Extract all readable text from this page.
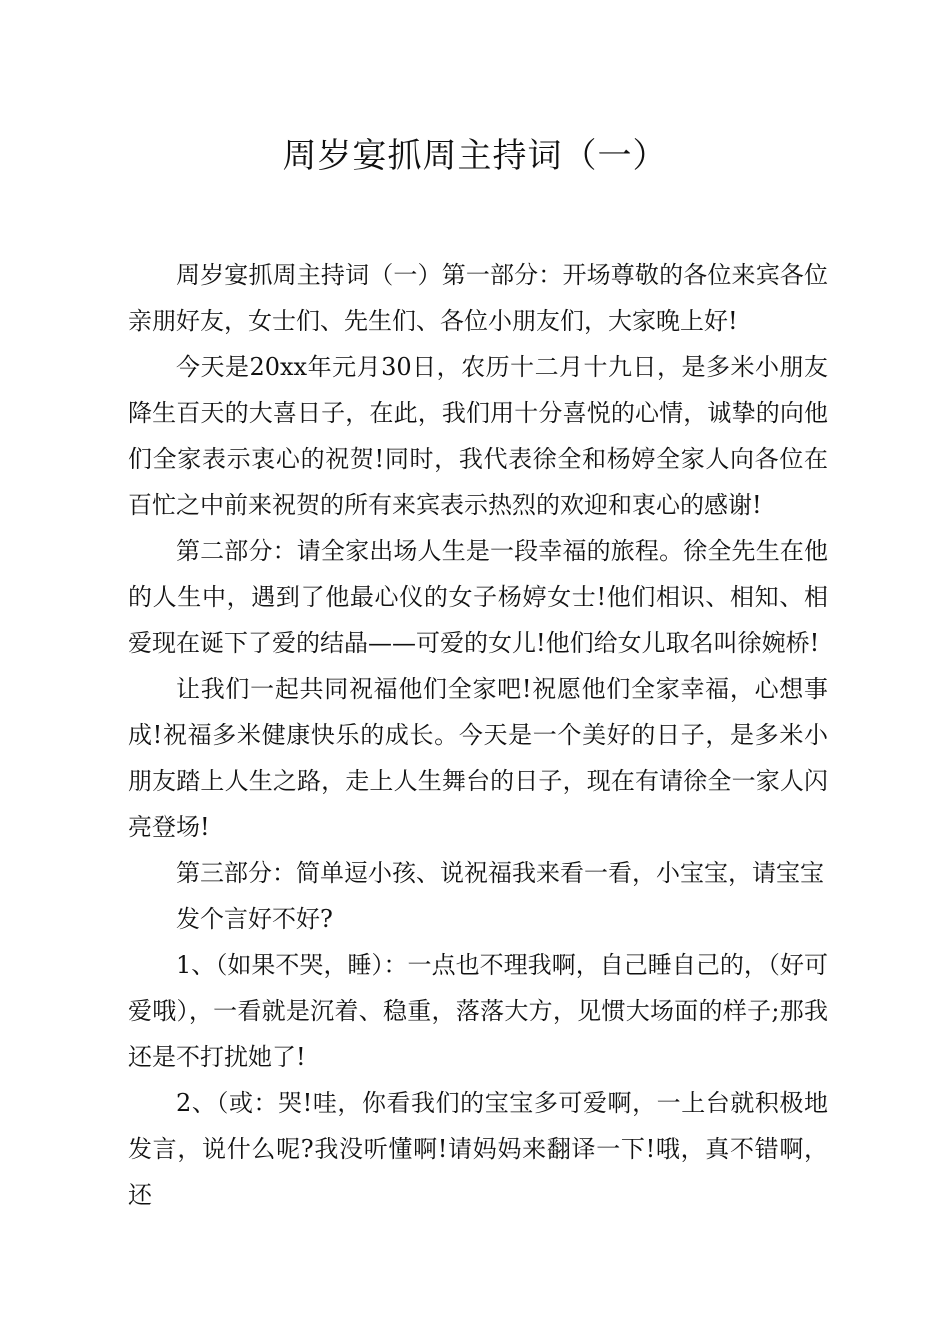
周岁宴抓周主持词（一）

周岁宴抓周主持词（一）第一部分：开场尊敬的各位来宾各位亲朋好友，女士们、先生们、各位小朋友们，大家晚上好!

今天是20xx年元月30日，农历十二月十九日，是多米小朋友降生百天的大喜日子，在此，我们用十分喜悦的心情，诚挚的向他们全家表示衷心的祝贺!同时，我代表徐全和杨婷全家人向各位在百忙之中前来祝贺的所有来宾表示热烈的欢迎和衷心的感谢!

第二部分：请全家出场人生是一段幸福的旅程。徐全先生在他的人生中，遇到了他最心仪的女子杨婷女士!他们相识、相知、相爱现在诞下了爱的结晶——可爱的女儿!他们给女儿取名叫徐婉桥!

让我们一起共同祝福他们全家吧!祝愿他们全家幸福，心想事成!祝福多米健康快乐的成长。今天是一个美好的日子，是多米小朋友踏上人生之路，走上人生舞台的日子，现在有请徐全一家人闪亮登场!

第三部分：简单逗小孩、说祝福我来看一看，小宝宝，请宝宝

发个言好不好?

1、（如果不哭，睡）：一点也不理我啊，自己睡自己的，（好可爱哦），一看就是沉着、稳重，落落大方，见惯大场面的样子;那我还是不打扰她了!

2、（或：哭!哇，你看我们的宝宝多可爱啊，一上台就积极地发言，说什么呢?我没听懂啊!请妈妈来翻译一下!哦，真不错啊，还
